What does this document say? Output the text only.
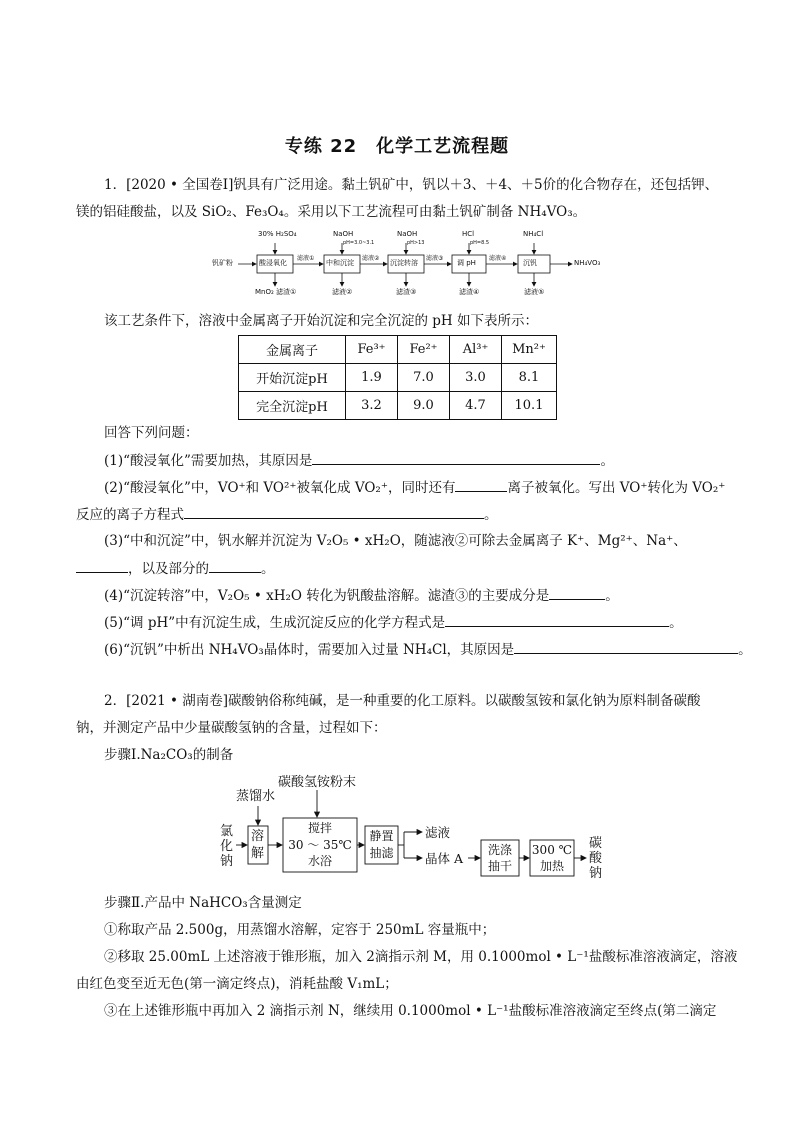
专练 22　化学工艺流程题
1．[2020 • 全国卷Ⅰ]钒具有广泛用途。黏土钒矿中，钒以＋3、＋4、＋5价的化合物存在，还包括钾、
镁的铝硅酸盐，以及 SiO₂、Fe₃O₄。采用以下工艺流程可由黏土钒矿制备 NH₄VO₃。
30% H₂SO₄	NaOH	NaOH	HCl	NH₄Cl
pH=3.0~3.1	pH>13	pH=8.5
钒矿粉	NH₄VO₃
酸浸氧化	中和沉淀	沉淀转溶	调 pH	沉钒
滤液①	滤液②	滤液③	滤液④
MnO₂ 滤渣①	滤液②	滤渣③	滤渣④	滤液⑤
该工艺条件下，溶液中金属离子开始沉淀和完全沉淀的 pH 如下表所示：
金属离子	Fe³⁺	Fe²⁺	Al³⁺	Mn²⁺
开始沉淀pH	1.9	7.0	3.0	8.1
完全沉淀pH	3.2	9.0	4.7	10.1
回答下列问题：
(1)“酸浸氧化”需要加热，其原因是	。
(2)“酸浸氧化”中，VO⁺和 VO²⁺被氧化成 VO₂⁺，同时还有	离子被氧化。写出 VO⁺转化为 VO₂⁺
反应的离子方程式	。
(3)“中和沉淀”中，钒水解并沉淀为 V₂O₅ • xH₂O，随滤液②可除去金属离子 K⁺、Mg²⁺、Na⁺、
，以及部分的	。
(4)“沉淀转溶”中，V₂O₅ • xH₂O 转化为钒酸盐溶解。滤渣③的主要成分是	。
(5)“调 pH”中有沉淀生成，生成沉淀反应的化学方程式是	。
(6)“沉钒”中析出 NH₄VO₃晶体时，需要加入过量 NH₄Cl，其原因是	。
2．[2021 • 湖南卷]碳酸钠俗称纯碱，是一种重要的化工原料。以碳酸氢铵和氯化钠为原料制备碳酸
钠，并测定产品中少量碳酸氢钠的含量，过程如下：
步骤Ⅰ.Na₂CO₃的制备
蒸馏水
碳酸氢铵粉末
氯
化
钠
溶
解
搅拌
30 ～ 35℃
水浴
静置
抽滤
滤液
晶体 A
洗涤
抽干
300 ℃
加热
碳
酸
钠
步骤Ⅱ.产品中 NaHCO₃含量测定
①称取产品 2.500g，用蒸馏水溶解，定容于 250mL 容量瓶中；
②移取 25.00mL 上述溶液于锥形瓶，加入 2滴指示剂 M，用 0.1000mol • L⁻¹盐酸标准溶液滴定，溶液
由红色变至近无色(第一滴定终点)，消耗盐酸 V₁mL；
③在上述锥形瓶中再加入 2 滴指示剂 N，继续用 0.1000mol • L⁻¹盐酸标准溶液滴定至终点(第二滴定
